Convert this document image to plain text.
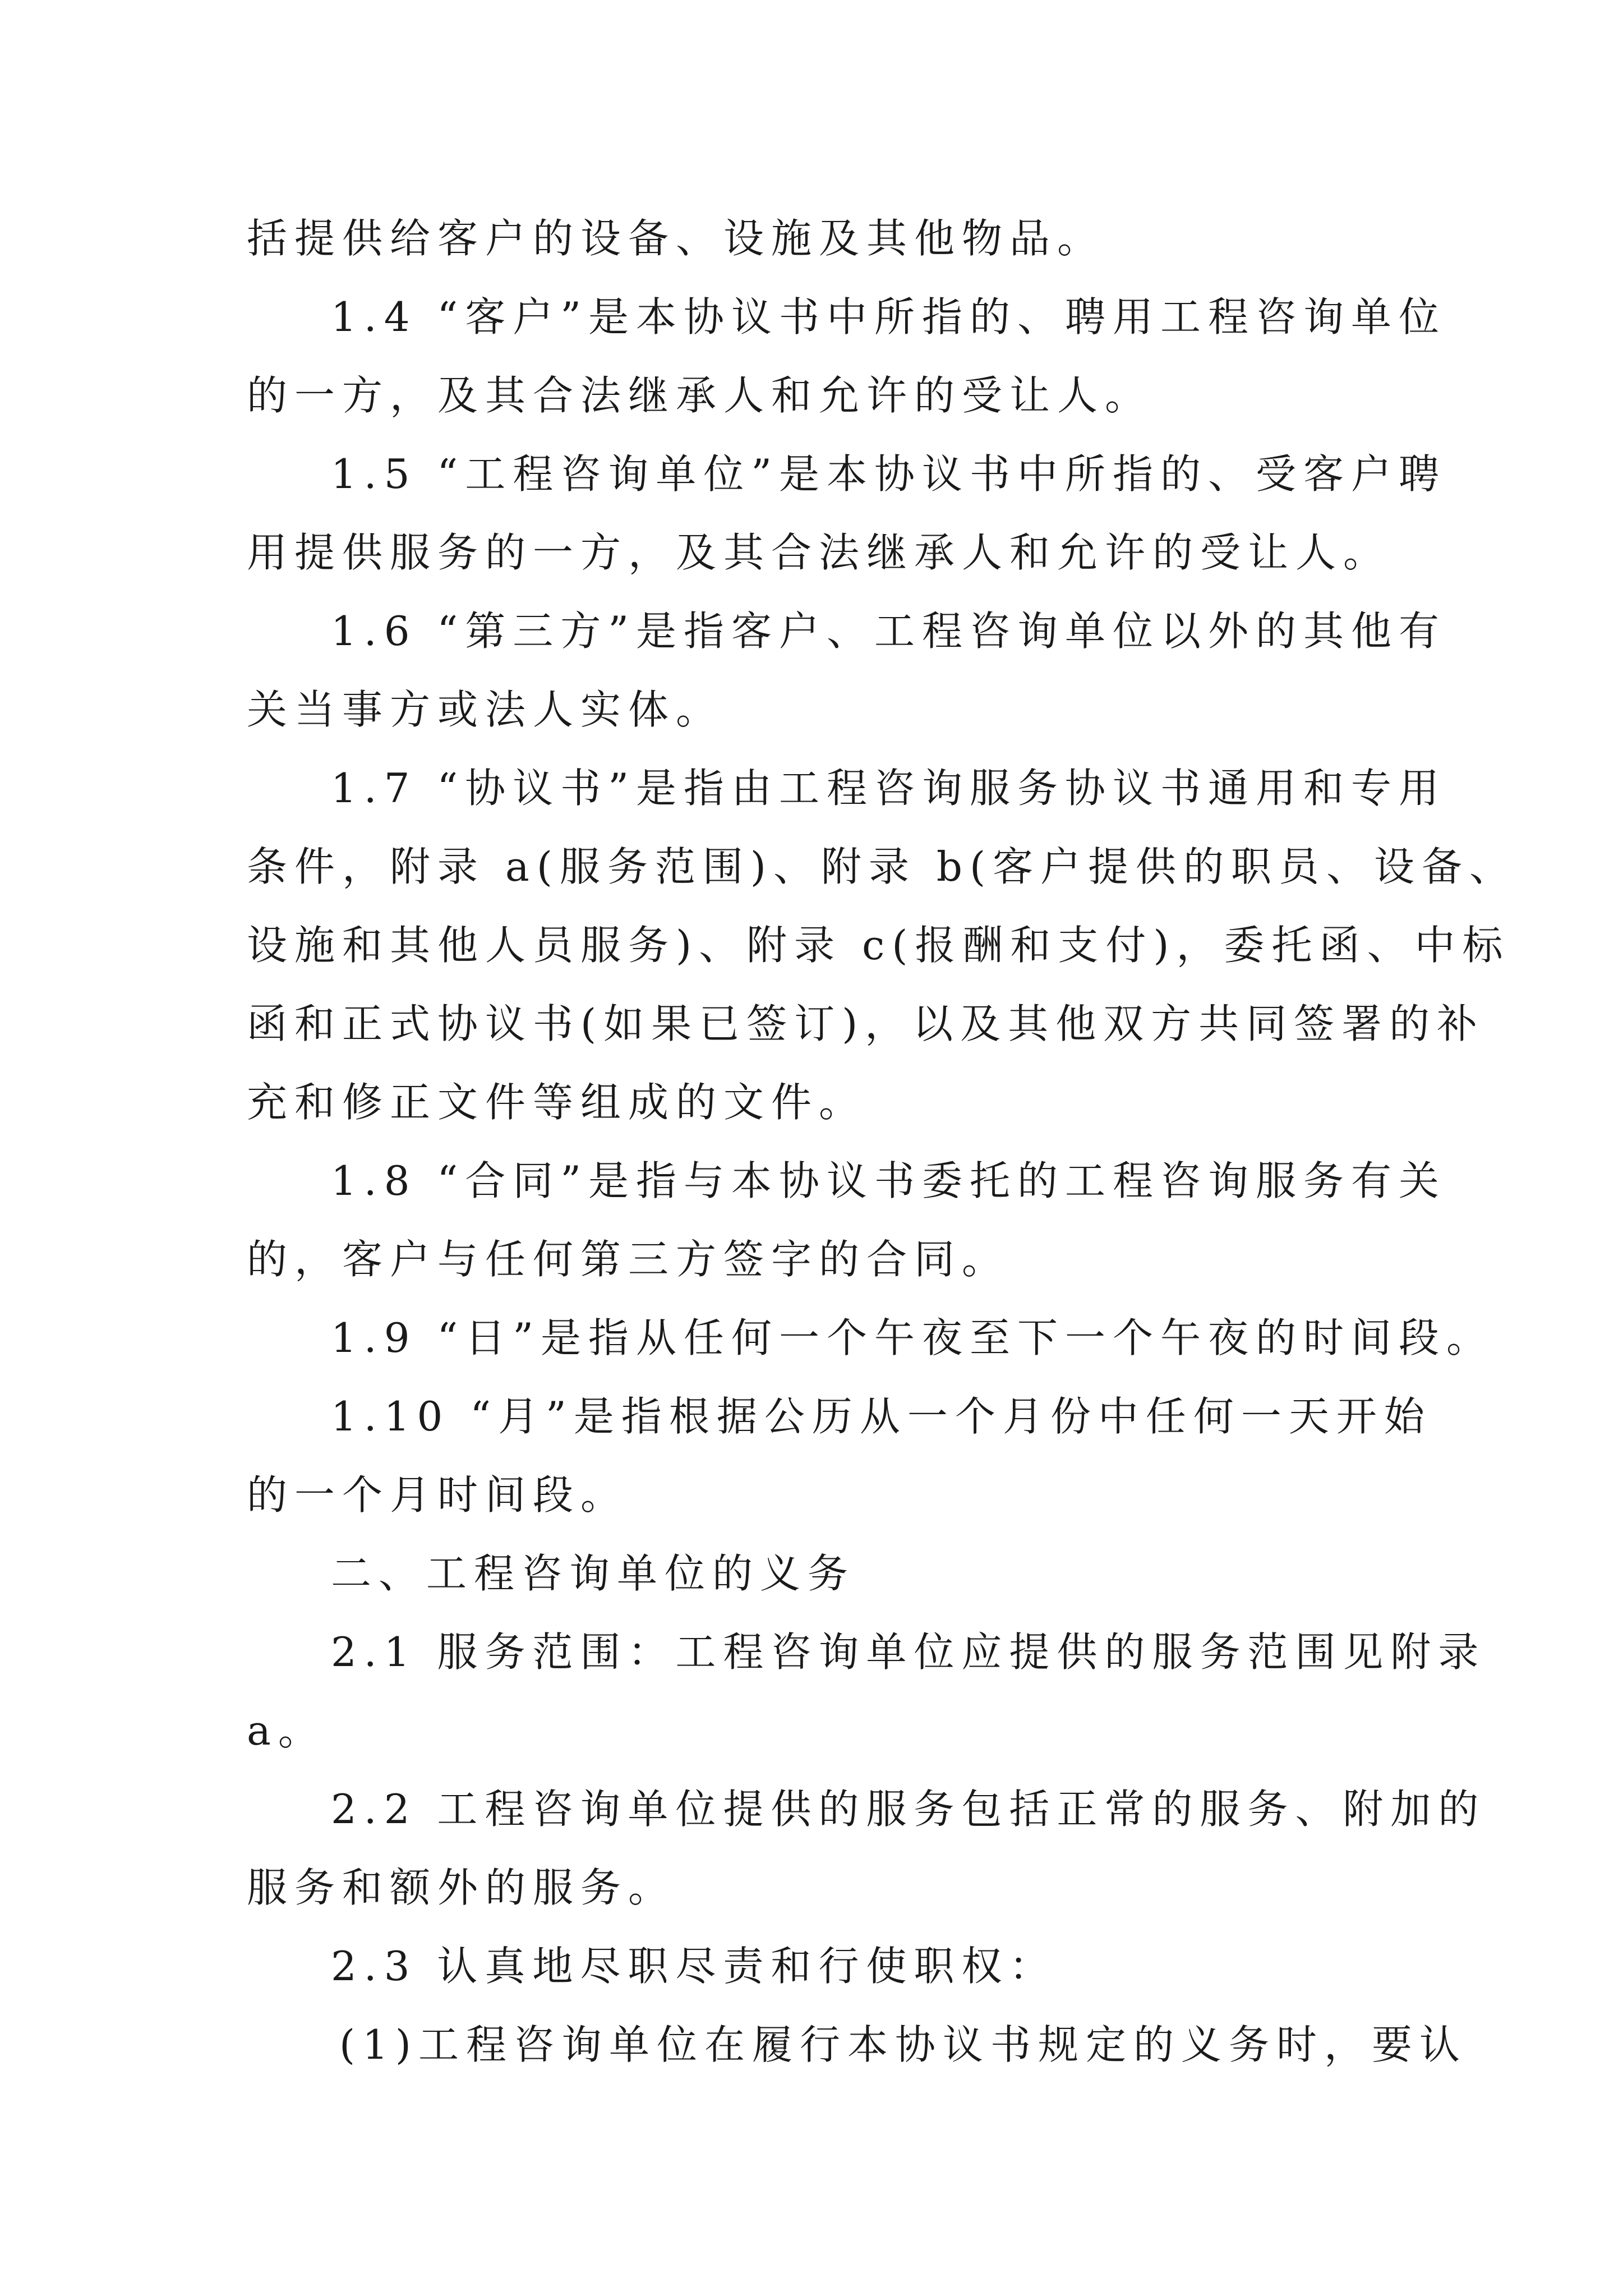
括提供给客户的设备、设施及其他物品。
1.4 “客户”是本协议书中所指的、聘用工程咨询单位
的一方，及其合法继承人和允许的受让人。
1.5 “工程咨询单位”是本协议书中所指的、受客户聘
用提供服务的一方，及其合法继承人和允许的受让人。
1.6 “第三方”是指客户、工程咨询单位以外的其他有
关当事方或法人实体。
1.7 “协议书”是指由工程咨询服务协议书通用和专用
条件，附录 a(服务范围)、附录 b(客户提供的职员、设备、
设施和其他人员服务)、附录 c(报酬和支付)，委托函、中标
函和正式协议书(如果已签订)，以及其他双方共同签署的补
充和修正文件等组成的文件。
1.8 “合同”是指与本协议书委托的工程咨询服务有关
的，客户与任何第三方签字的合同。
1.9 “日”是指从任何一个午夜至下一个午夜的时间段。
1.10 “月”是指根据公历从一个月份中任何一天开始
的一个月时间段。
二、工程咨询单位的义务
2.1 服务范围：工程咨询单位应提供的服务范围见附录
a。
2.2 工程咨询单位提供的服务包括正常的服务、附加的
服务和额外的服务。
2.3 认真地尽职尽责和行使职权：
(1)工程咨询单位在履行本协议书规定的义务时，要认
